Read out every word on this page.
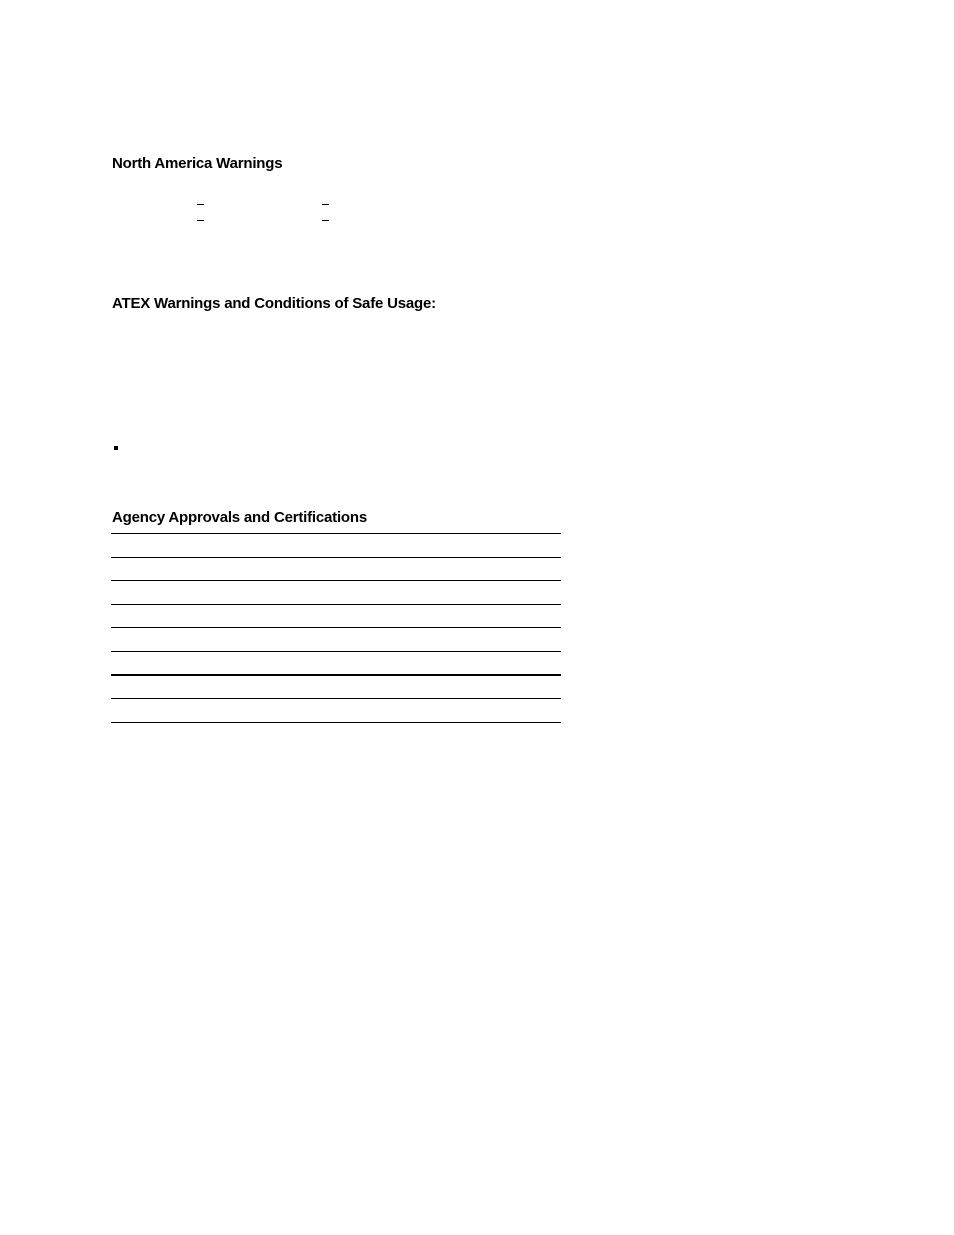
North America Warnings
ATEX Warnings and Conditions of Safe Usage:
Agency Approvals and Certifications
